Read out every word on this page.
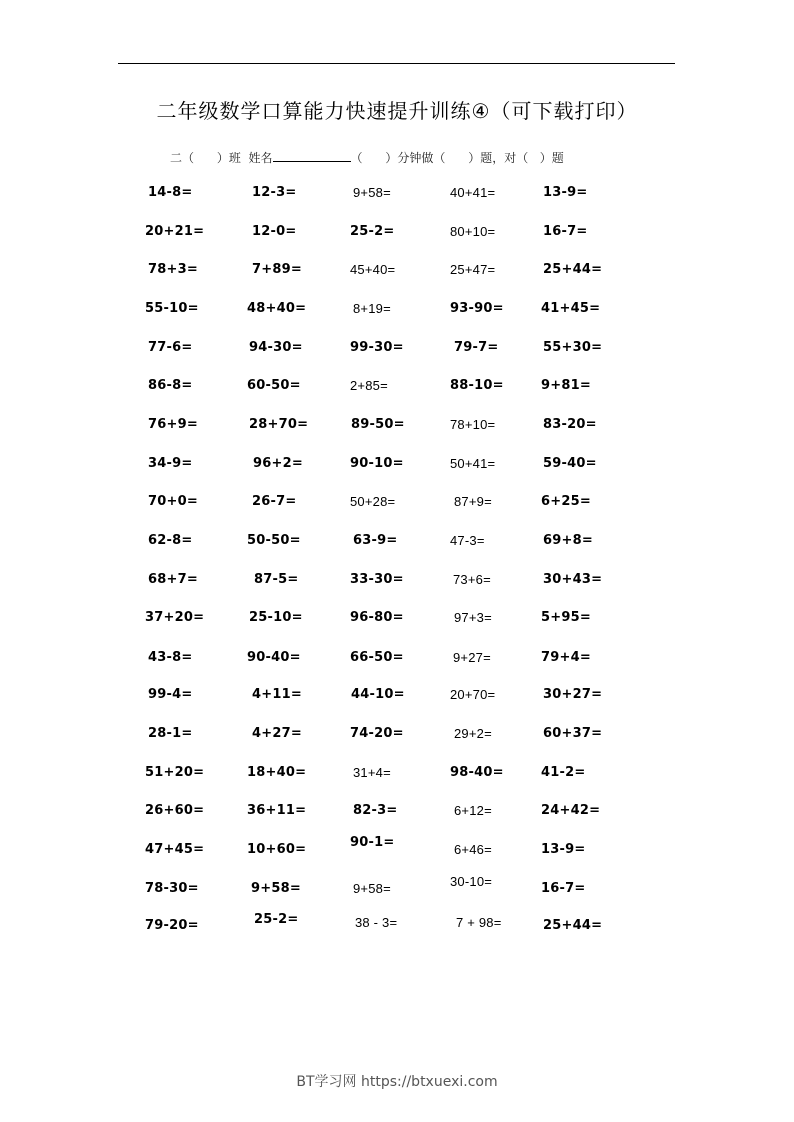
二年级数学口算能力快速提升训练④（可下载打印）
二（      ）班  姓名	（      ）分钟做（      ）题，对（   ）题
14-8=	12-3=	9+58=	40+41=	13-9=
20+21=	12-0=	25-2=	80+10=	16-7=
78+3=	7+89=	45+40=	25+47=	25+44=
55-10=	48+40=	8+19=	93-90=	41+45=
77-6=	94-30=	99-30=	79-7=	55+30=
86-8=	60-50=	2+85=	88-10=	9+81=
76+9=	28+70=	89-50=	78+10=	83-20=
34-9=	96+2=	90-10=	50+41=	59-40=
70+0=	26-7=	50+28=	87+9=	6+25=
62-8=	50-50=	63-9=	47-3=	69+8=
68+7=	87-5=	33-30=	73+6=	30+43=
37+20=	25-10=	96-80=	97+3=	5+95=
43-8=	90-40=	66-50=	9+27=	79+4=
99-4=	4+11=	44-10=	20+70=	30+27=
28-1=	4+27=	74-20=	29+2=	60+37=
51+20=	18+40=	31+4=	98-40=	41-2=
26+60=	36+11=	82-3=	6+12=	24+42=
47+45=	10+60=	90-1=	6+46=	13-9=
78-30=	9+58=	9+58=	30-10=	16-7=
79-20=	25-2=	38 - 3=	7 + 98=	25+44=
BT学习网 https://btxuexi.com
